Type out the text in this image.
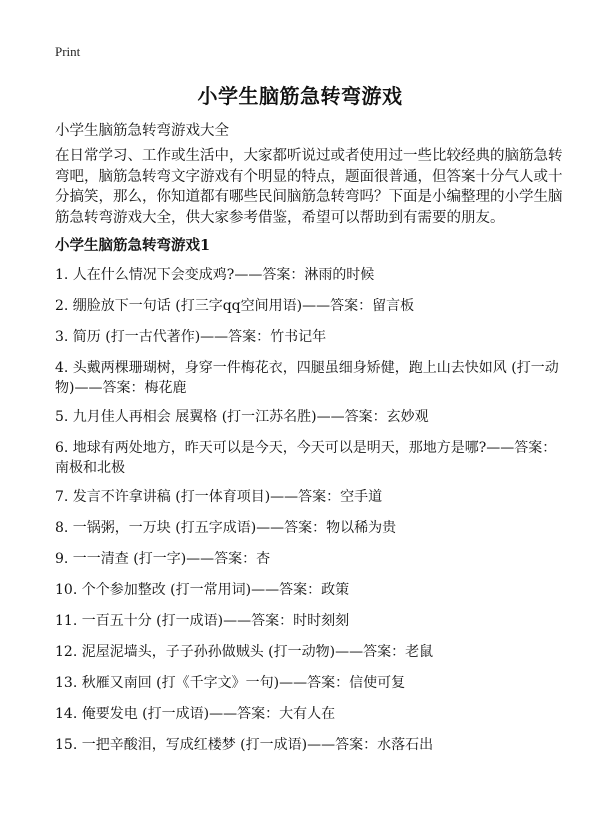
Print
小学生脑筋急转弯游戏
小学生脑筋急转弯游戏大全

在日常学习、工作或生活中，大家都听说过或者使用过一些比较经典的脑筋急转弯吧，脑筋急转弯文字游戏有个明显的特点，题面很普通，但答案十分气人或十分搞笑，那么，你知道都有哪些民间脑筋急转弯吗？下面是小编整理的小学生脑筋急转弯游戏大全，供大家参考借鉴，希望可以帮助到有需要的朋友。

小学生脑筋急转弯游戏1
1. 人在什么情况下会变成鸡?——答案：淋雨的时候
2. 绷脸放下一句话 (打三字qq空间用语)——答案：留言板
3. 简历 (打一古代著作)——答案：竹书记年
4. 头戴两棵珊瑚树，身穿一件梅花衣，四腿虽细身矫健，跑上山去快如风 (打一动物)——答案：梅花鹿
5. 九月佳人再相会 展翼格 (打一江苏名胜)——答案：玄妙观
6. 地球有两处地方，昨天可以是今天，今天可以是明天，那地方是哪?——答案：南极和北极
7. 发言不许拿讲稿 (打一体育项目)——答案：空手道
8. 一锅粥，一万块 (打五字成语)——答案：物以稀为贵
9. 一一清查 (打一字)——答案：杏
10. 个个参加整改 (打一常用词)——答案：政策
11. 一百五十分 (打一成语)——答案：时时刻刻
12. 泥屋泥墙头，子子孙孙做贼头 (打一动物)——答案：老鼠
13. 秋雁又南回 (打《千字文》一句)——答案：信使可复
14. 俺要发电 (打一成语)——答案：大有人在
15. 一把辛酸泪，写成红楼梦 (打一成语)——答案：水落石出
